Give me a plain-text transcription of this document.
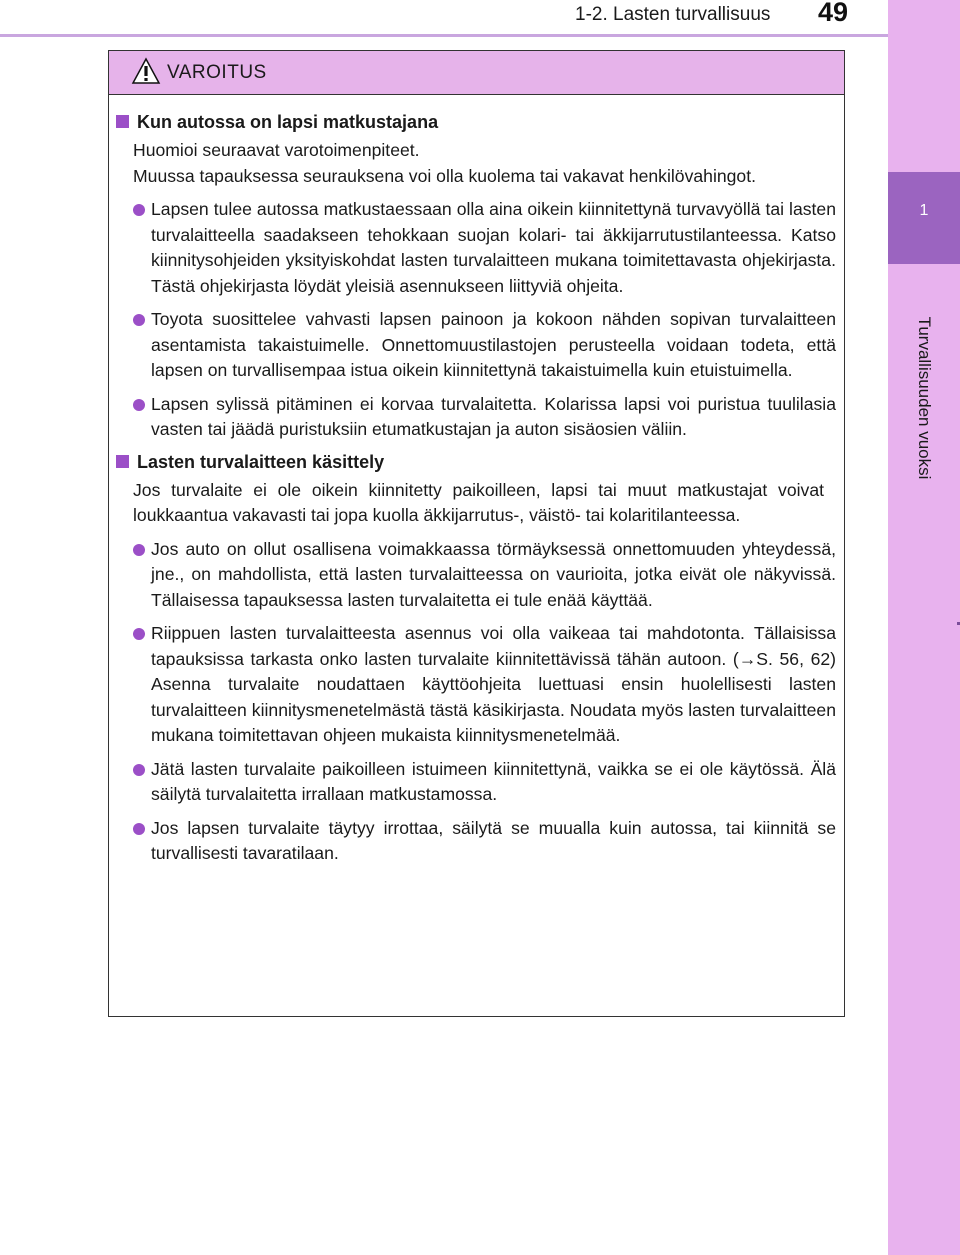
1-2. Lasten turvallisuus 49
1
Turvallisuuden vuoksi
VAROITUS
Kun autossa on lapsi matkustajana
Huomioi seuraavat varotoimenpiteet.
Muussa tapauksessa seurauksena voi olla kuolema tai vakavat henkilövahingot.
Lapsen tulee autossa matkustaessaan olla aina oikein kiinnitettynä turvavyöllä tai lasten turvalaitteella saadakseen tehokkaan suojan kolari- tai äkkijarrutustilanteessa. Katso kiinnitysohjeiden yksityiskohdat lasten turvalaitteen mukana toimitettavasta ohjekirjasta. Tästä ohjekirjasta löydät yleisiä asennukseen liittyviä ohjeita.
Toyota suosittelee vahvasti lapsen painoon ja kokoon nähden sopivan turvalaitteen asentamista takaistuimelle. Onnettomuustilastojen perusteella voidaan todeta, että lapsen on turvallisempaa istua oikein kiinnitettynä takaistuimella kuin etuistuimella.
Lapsen sylissä pitäminen ei korvaa turvalaitetta. Kolarissa lapsi voi puristua tuulilasia vasten tai jäädä puristuksiin etumatkustajan ja auton sisäosien väliin.
Lasten turvalaitteen käsittely
Jos turvalaite ei ole oikein kiinnitetty paikoilleen, lapsi tai muut matkustajat voivat loukkaantua vakavasti tai jopa kuolla äkkijarrutus-, väistö- tai kolaritilanteessa.
Jos auto on ollut osallisena voimakkaassa törmäyksessä onnettomuuden yhteydessä, jne., on mahdollista, että lasten turvalaitteessa on vaurioita, jotka eivät ole näkyvissä. Tällaisessa tapauksessa lasten turvalaitetta ei tule enää käyttää.
Riippuen lasten turvalaitteesta asennus voi olla vaikeaa tai mahdotonta. Tällaisissa tapauksissa tarkasta onko lasten turvalaite kiinnitettävissä tähän autoon. (→S. 56, 62) Asenna turvalaite noudattaen käyttöohjeita luettuasi ensin huolellisesti lasten turvalaitteen kiinnitysmenetelmästä tästä käsikirjasta. Noudata myös lasten turvalaitteen mukana toimitettavan ohjeen mukaista kiinnitysmenetelmää.
Jätä lasten turvalaite paikoilleen istuimeen kiinnitettynä, vaikka se ei ole käytössä. Älä säilytä turvalaitetta irrallaan matkustamossa.
Jos lapsen turvalaite täytyy irrottaa, säilytä se muualla kuin autossa, tai kiinnitä se turvallisesti tavaratilaan.
